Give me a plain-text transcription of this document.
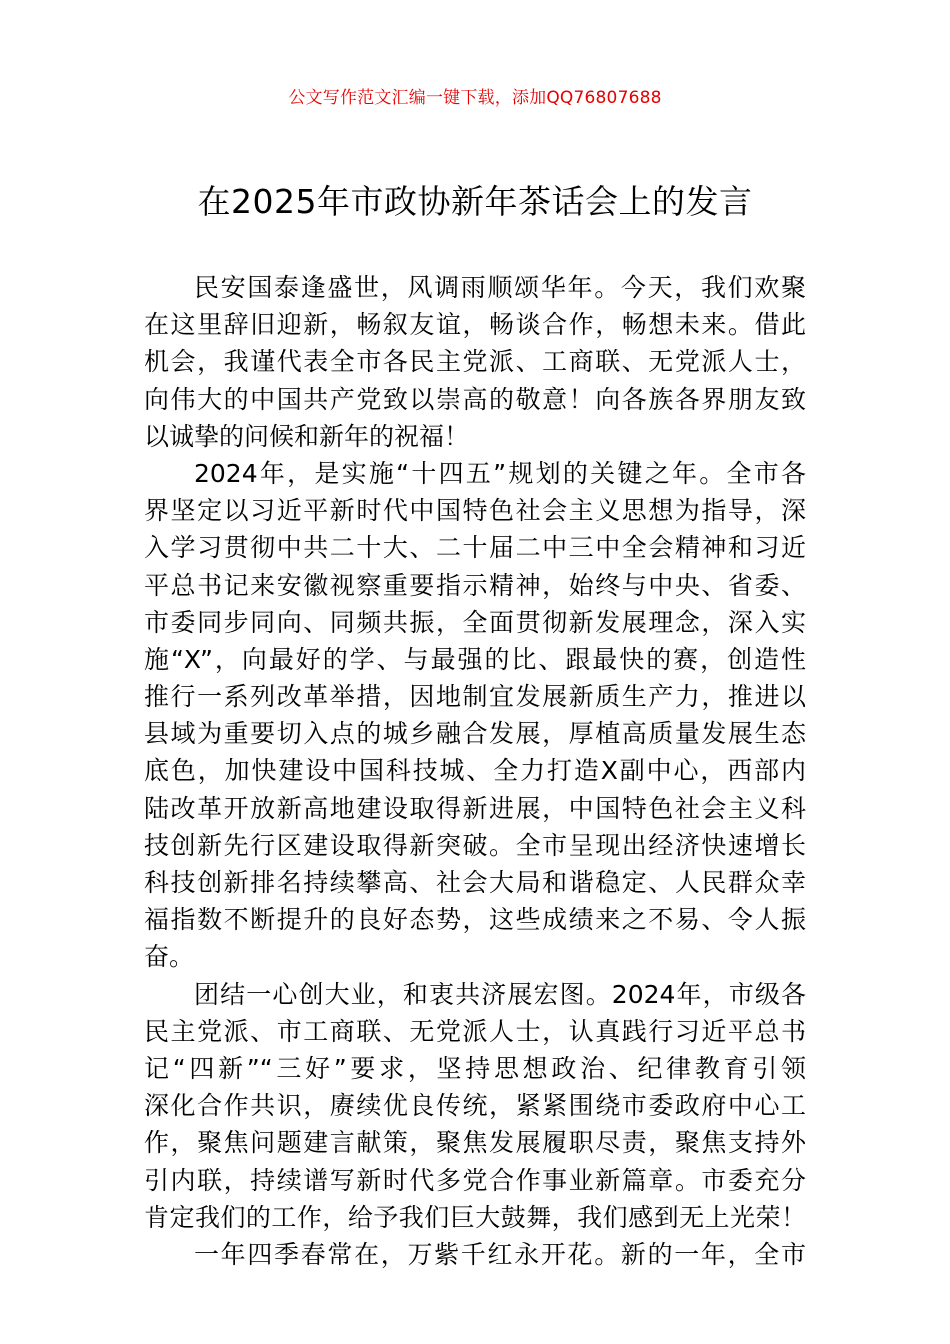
公文写作范文汇编一键下载，添加QQ76807688
在2025年市政协新年茶话会上的发言
民安国泰逢盛世，风调雨顺颂华年。今天，我们欢聚
在这里辞旧迎新，畅叙友谊，畅谈合作，畅想未来。借此
机会，我谨代表全市各民主党派、工商联、无党派人士，
向伟大的中国共产党致以崇高的敬意！向各族各界朋友致
以诚挚的问候和新年的祝福！
2024年，是实施“十四五”规划的关键之年。全市各
界坚定以习近平新时代中国特色社会主义思想为指导，深
入学习贯彻中共二十大、二十届二中三中全会精神和习近
平总书记来安徽视察重要指示精神，始终与中央、省委、
市委同步同向、同频共振，全面贯彻新发展理念，深入实
施“X”，向最好的学、与最强的比、跟最快的赛，创造性
推行一系列改革举措，因地制宜发展新质生产力，推进以
县域为重要切入点的城乡融合发展，厚植高质量发展生态
底色，加快建设中国科技城、全力打造X副中心，西部内
陆改革开放新高地建设取得新进展，中国特色社会主义科
技创新先行区建设取得新突破。全市呈现出经济快速增长
科技创新排名持续攀高、社会大局和谐稳定、人民群众幸
福指数不断提升的良好态势，这些成绩来之不易、令人振
奋。
团结一心创大业，和衷共济展宏图。2024年，市级各
民主党派、市工商联、无党派人士，认真践行习近平总书
记“四新”“三好”要求，坚持思想政治、纪律教育引领
深化合作共识，赓续优良传统，紧紧围绕市委政府中心工
作，聚焦问题建言献策，聚焦发展履职尽责，聚焦支持外
引内联，持续谱写新时代多党合作事业新篇章。市委充分
肯定我们的工作，给予我们巨大鼓舞，我们感到无上光荣！
一年四季春常在，万紫千红永开花。新的一年，全市
